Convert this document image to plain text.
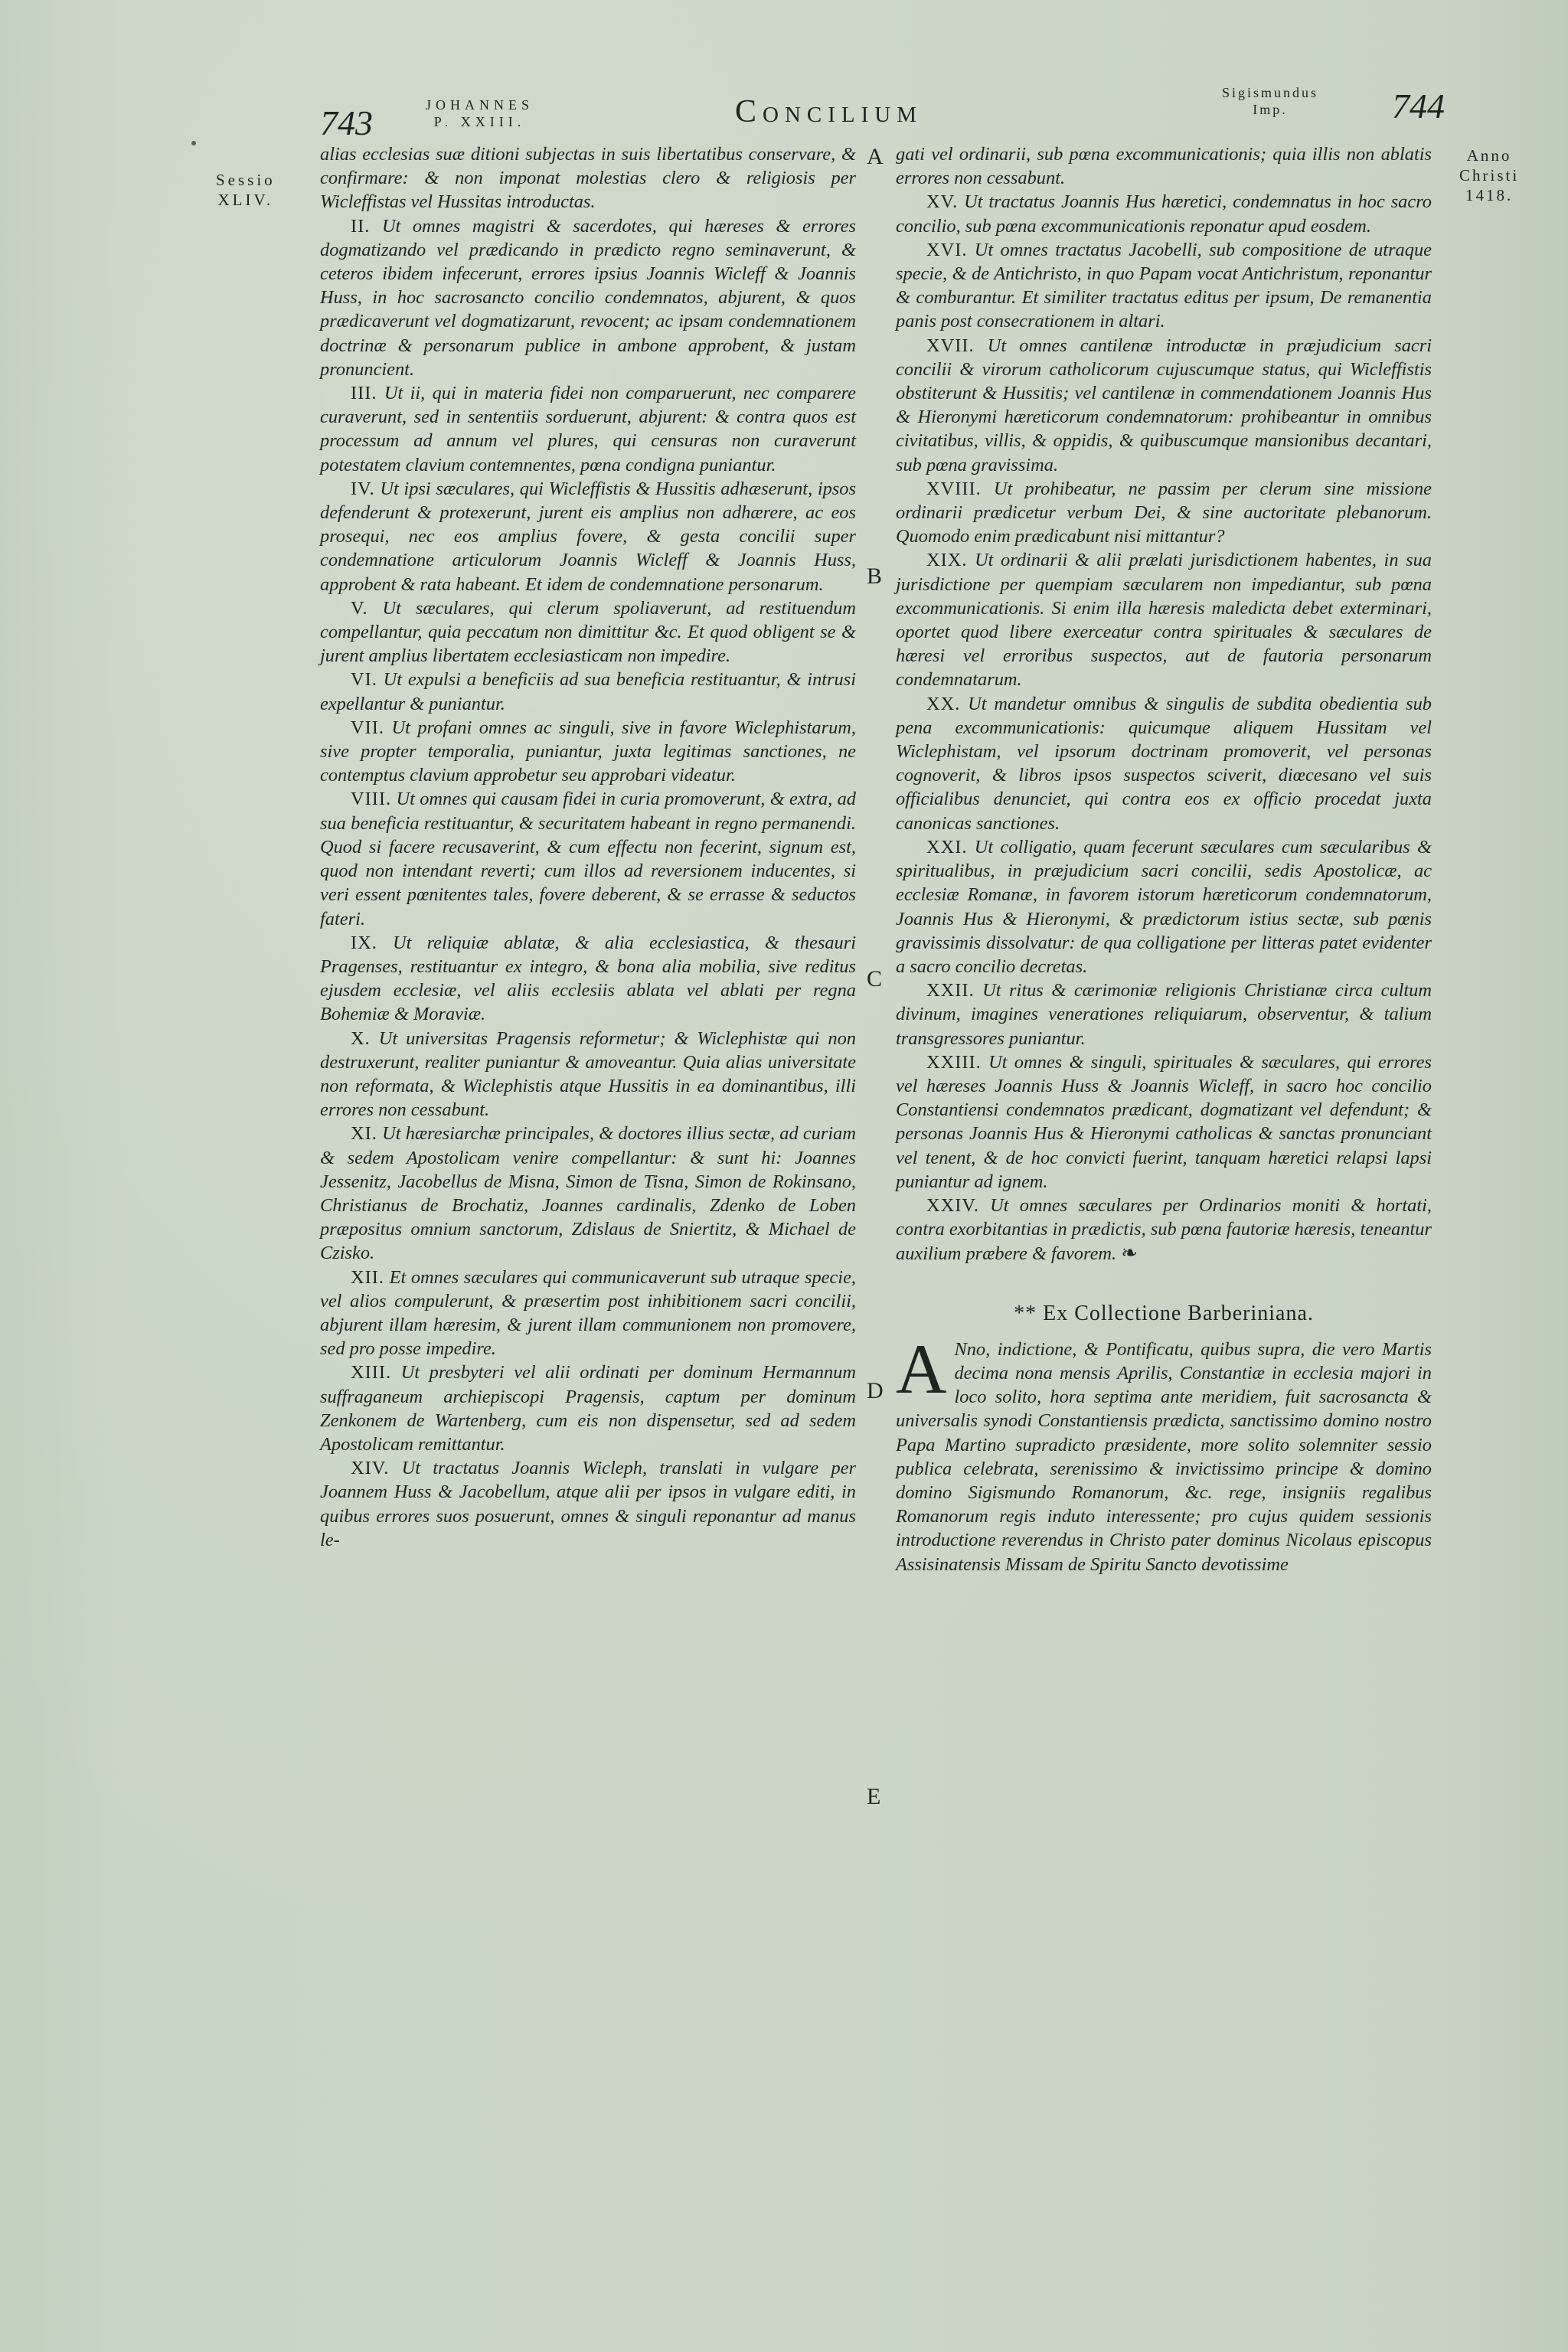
743	JOHANNES
P. XXIII.	Concilium
Sigismundus
Imp.	744
Sessio
XLIV.
Anno
Christi
1418.
A
B
C
D
E

alias ecclesias suæ ditioni subjectas in suis libertatibus conservare, & confirmare: & non imponat molestias clero & religiosis per Wicleffistas vel Hussitas introductas.

II. Ut omnes magistri & sacerdotes, qui hæreses & errores dogmatizando vel prædicando in prædicto regno seminaverunt, & ceteros ibidem infecerunt, errores ipsius Joannis Wicleff & Joannis Huss, in hoc sacrosancto concilio condemnatos, abjurent, & quos prædicaverunt vel dogmatizarunt, revocent; ac ipsam condemnationem doctrinæ & personarum publice in ambone approbent, & justam pronuncient.

III. Ut ii, qui in materia fidei non comparuerunt, nec comparere curaverunt, sed in sententiis sorduerunt, abjurent: & contra quos est processum ad annum vel plures, qui censuras non curaverunt potestatem clavium contemnentes, pœna condigna puniantur.

IV. Ut ipsi sæculares, qui Wicleffistis & Hussitis adhæserunt, ipsos defenderunt & protexerunt, jurent eis amplius non adhærere, ac eos prosequi, nec eos amplius fovere, & gesta concilii super condemnatione articulorum Joannis Wicleff & Joannis Huss, approbent & rata habeant. Et idem de condemnatione personarum.

V. Ut sæculares, qui clerum spoliaverunt, ad restituendum compellantur, quia peccatum non dimittitur &c. Et quod obligent se & jurent amplius libertatem ecclesiasticam non impedire.

VI. Ut expulsi a beneficiis ad sua beneficia restituantur, & intrusi expellantur & puniantur.

VII. Ut profani omnes ac singuli, sive in favore Wiclephistarum, sive propter temporalia, puniantur, juxta legitimas sanctiones, ne contemptus clavium approbetur seu approbari videatur.

VIII. Ut omnes qui causam fidei in curia promoverunt, & extra, ad sua beneficia restituantur, & securitatem habeant in regno permanendi. Quod si facere recusaverint, & cum effectu non fecerint, signum est, quod non intendant reverti; cum illos ad reversionem inducentes, si veri essent pœnitentes tales, fovere deberent, & se errasse & seductos fateri.

IX. Ut reliquiæ ablatæ, & alia ecclesiastica, & thesauri Pragenses, restituantur ex integro, & bona alia mobilia, sive reditus ejusdem ecclesiæ, vel aliis ecclesiis ablata vel ablati per regna Bohemiæ & Moraviæ.

X. Ut universitas Pragensis reformetur; & Wiclephistæ qui non destruxerunt, realiter puniantur & amoveantur. Quia alias universitate non reformata, & Wiclephistis atque Hussitis in ea dominantibus, illi errores non cessabunt.

XI. Ut hæresiarchæ principales, & doctores illius sectæ, ad curiam & sedem Apostolicam venire compellantur: & sunt hi: Joannes Jessenitz, Jacobellus de Misna, Simon de Tisna, Simon de Rokinsano, Christianus de Brochatiz, Joannes cardinalis, Zdenko de Loben præpositus omnium sanctorum, Zdislaus de Sniertitz, & Michael de Czisko.

XII. Et omnes sæculares qui communicaverunt sub utraque specie, vel alios compulerunt, & præsertim post inhibitionem sacri concilii, abjurent illam hæresim, & jurent illam communionem non promovere, sed pro posse impedire.

XIII. Ut presbyteri vel alii ordinati per dominum Hermannum suffraganeum archiepiscopi Pragensis, captum per dominum Zenkonem de Wartenberg, cum eis non dispensetur, sed ad sedem Apostolicam remittantur.

XIV. Ut tractatus Joannis Wicleph, translati in vulgare per Joannem Huss & Jacobellum, atque alii per ipsos in vulgare editi, in quibus errores suos posuerunt, omnes & singuli reponantur ad manus le-

gati vel ordinarii, sub pœna excommunicationis; quia illis non ablatis errores non cessabunt.

XV. Ut tractatus Joannis Hus hæretici, condemnatus in hoc sacro concilio, sub pœna excommunicationis reponatur apud eosdem.

XVI. Ut omnes tractatus Jacobelli, sub compositione de utraque specie, & de Antichristo, in quo Papam vocat Antichristum, reponantur & comburantur. Et similiter tractatus editus per ipsum, De remanentia panis post consecrationem in altari.

XVII. Ut omnes cantilenæ introductæ in præjudicium sacri concilii & virorum catholicorum cujuscumque status, qui Wicleffistis obstiterunt & Hussitis; vel cantilenæ in commendationem Joannis Hus & Hieronymi hæreticorum condemnatorum: prohibeantur in omnibus civitatibus, villis, & oppidis, & quibuscumque mansionibus decantari, sub pœna gravissima.

XVIII. Ut prohibeatur, ne passim per clerum sine missione ordinarii prædicetur verbum Dei, & sine auctoritate plebanorum. Quomodo enim prædicabunt nisi mittantur?

XIX. Ut ordinarii & alii prælati jurisdictionem habentes, in sua jurisdictione per quempiam sæcularem non impediantur, sub pœna excommunicationis. Si enim illa hæresis maledicta debet exterminari, oportet quod libere exerceatur contra spirituales & sæculares de hæresi vel erroribus suspectos, aut de fautoria personarum condemnatarum.

XX. Ut mandetur omnibus & singulis de subdita obedientia sub pena excommunicationis: quicumque aliquem Hussitam vel Wiclephistam, vel ipsorum doctrinam promoverit, vel personas cognoverit, & libros ipsos suspectos sciverit, diœcesano vel suis officialibus denunciet, qui contra eos ex officio procedat juxta canonicas sanctiones.

XXI. Ut colligatio, quam fecerunt sæculares cum sæcularibus & spiritualibus, in præjudicium sacri concilii, sedis Apostolicæ, ac ecclesiæ Romanæ, in favorem istorum hæreticorum condemnatorum, Joannis Hus & Hieronymi, & prædictorum istius sectæ, sub pœnis gravissimis dissolvatur: de qua colligatione per litteras patet evidenter a sacro concilio decretas.

XXII. Ut ritus & cærimoniæ religionis Christianæ circa cultum divinum, imagines venerationes reliquiarum, observentur, & talium transgressores puniantur.

XXIII. Ut omnes & singuli, spirituales & sæculares, qui errores vel hæreses Joannis Huss & Joannis Wicleff, in sacro hoc concilio Constantiensi condemnatos prædicant, dogmatizant vel defendunt; & personas Joannis Hus & Hieronymi catholicas & sanctas pronunciant vel tenent, & de hoc convicti fuerint, tanquam hæretici relapsi lapsi puniantur ad ignem.

XXIV. Ut omnes sæculares per Ordinarios moniti & hortati, contra exorbitantias in prædictis, sub pœna fautoriæ hæresis, teneantur auxilium præbere & favorem. ❧

** Ex Collectione Barberiniana.
A Nno, indictione, & Pontificatu, quibus supra, die vero Martis decima nona mensis Aprilis, Constantiæ in ecclesia majori in loco solito, hora septima ante meridiem, fuit sacrosancta & universalis synodi Constantiensis prædicta, sanctissimo domino nostro Papa Martino supradicto præsidente, more solito solemniter sessio publica celebrata, serenissimo & invictissimo principe & domino domino Sigismundo Romanorum, &c. rege, insigniis regalibus Romanorum regis induto interessente; pro cujus quidem sessionis introductione reverendus in Christo pater dominus Nicolaus episcopus Assisinatensis Missam de Spiritu Sancto devotissime
